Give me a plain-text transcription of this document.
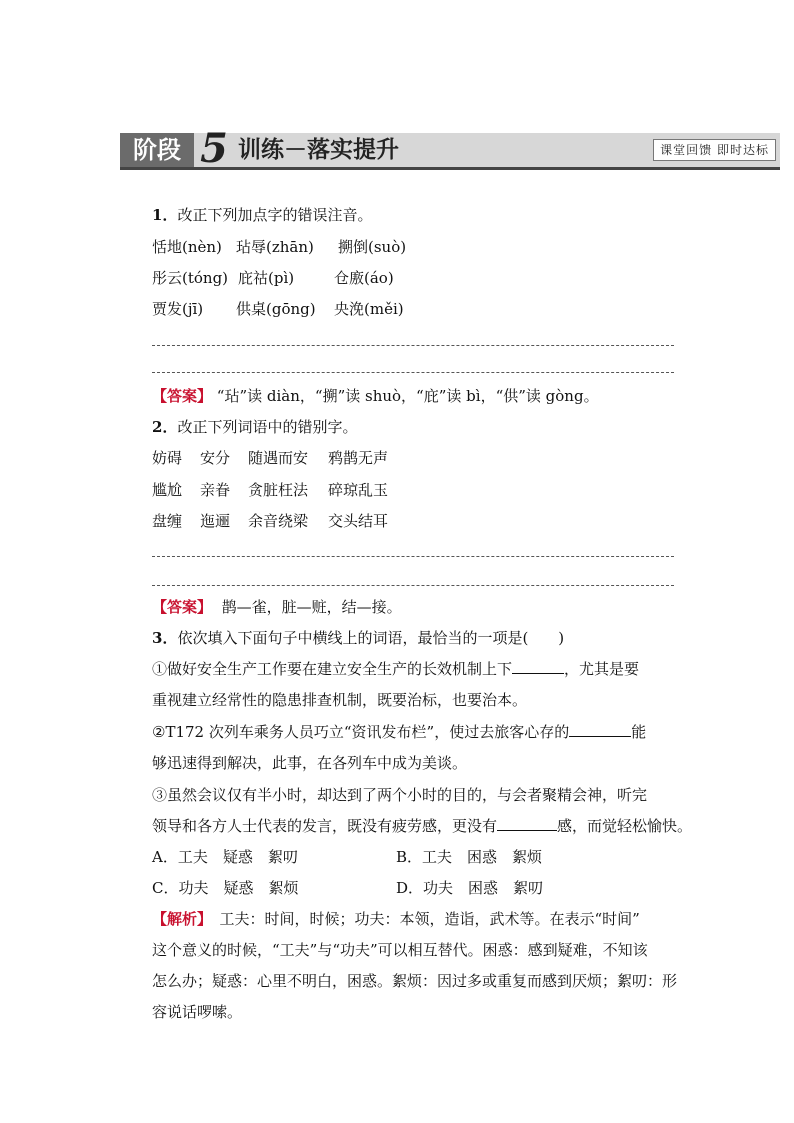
阶段 5 训练－落实提升	课堂回馈 即时达标
1．改正下列加点字的错误注音。
恬地(nèn) 玷辱(zhān) 搠倒(suò)
彤云(tóng) 庇祜(pì)	仓廒(áo)
贾发(jī) 供桌(gōng) 央浼(měi)
【答案】 “玷”读 diàn，“搠”读 shuò，“庇”读 bì，“供”读 gòng。
2．改正下列词语中的错别字。
妨碍 安分 随遇而安 鸦鹊无声
尴尬 亲眷 贪脏枉法 碎琼乱玉
盘缠 迤逦 余音绕梁 交头结耳
【答案】 鹊—雀，脏—赃，结—接。
3．依次填入下面句子中横线上的词语，最恰当的一项是(　　)
①做好安全生产工作要在建立安全生产的长效机制上下	，尤其是要
重视建立经常性的隐患排查机制，既要治标，也要治本。
②T172 次列车乘务人员巧立“资讯发布栏”，使过去旅客心存的	能
够迅速得到解决，此事，在各列车中成为美谈。
③虽然会议仅有半小时，却达到了两个小时的目的，与会者聚精会神，听完
领导和各方人士代表的发言，既没有疲劳感，更没有	感，而觉轻松愉快。
A．工夫　疑惑　絮叨	B．工夫　困惑　絮烦
C．功夫　疑惑　絮烦	D．功夫　困惑　絮叨
【解析】　工夫：时间，时候；功夫：本领，造诣，武术等。在表示“时间”
这个意义的时候，“工夫”与“功夫”可以相互替代。困惑：感到疑难，不知该
怎么办；疑惑：心里不明白，困惑。絮烦：因过多或重复而感到厌烦；絮叨：形
容说话啰嗦。
